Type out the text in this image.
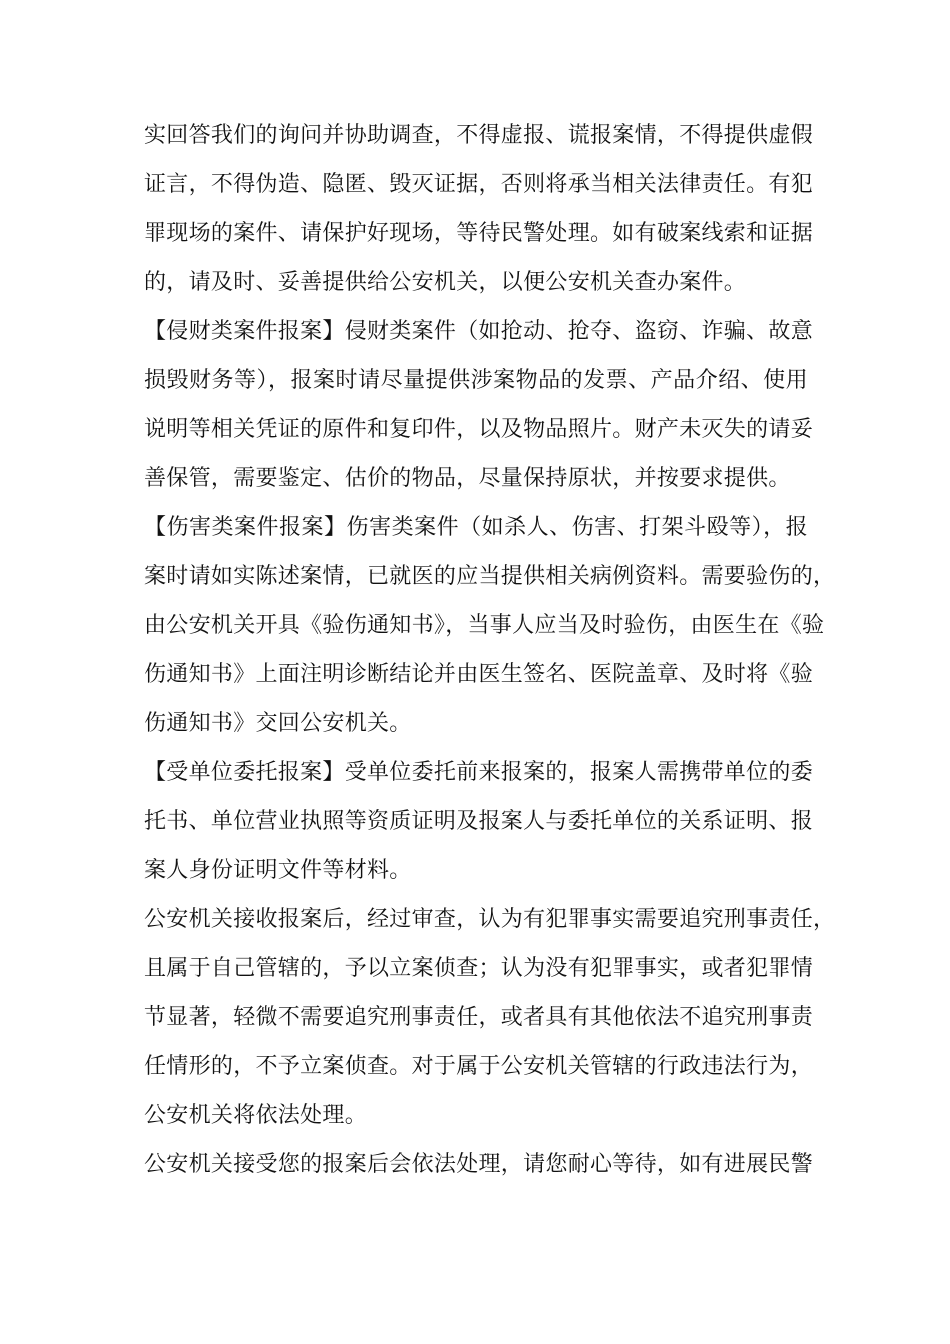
实回答我们的询问并协助调查，不得虚报、谎报案情，不得提供虚假
证言，不得伪造、隐匿、毁灭证据，否则将承当相关法律责任。有犯
罪现场的案件、请保护好现场，等待民警处理。如有破案线索和证据
的，请及时、妥善提供给公安机关，以便公安机关查办案件。
【侵财类案件报案】侵财类案件（如抢动、抢夺、盗窃、诈骗、故意
损毁财务等），报案时请尽量提供涉案物品的发票、产品介绍、使用
说明等相关凭证的原件和复印件，以及物品照片。财产未灭失的请妥
善保管，需要鉴定、估价的物品，尽量保持原状，并按要求提供。
【伤害类案件报案】伤害类案件（如杀人、伤害、打架斗殴等），报
案时请如实陈述案情，已就医的应当提供相关病例资料。需要验伤的，
由公安机关开具《验伤通知书》，当事人应当及时验伤，由医生在《验
伤通知书》上面注明诊断结论并由医生签名、医院盖章、及时将《验
伤通知书》交回公安机关。
【受单位委托报案】受单位委托前来报案的，报案人需携带单位的委
托书、单位营业执照等资质证明及报案人与委托单位的关系证明、报
案人身份证明文件等材料。
公安机关接收报案后，经过审查，认为有犯罪事实需要追究刑事责任，
且属于自己管辖的，予以立案侦查；认为没有犯罪事实，或者犯罪情
节显著，轻微不需要追究刑事责任，或者具有其他依法不追究刑事责
任情形的，不予立案侦查。对于属于公安机关管辖的行政违法行为，
公安机关将依法处理。
公安机关接受您的报案后会依法处理，请您耐心等待，如有进展民警
